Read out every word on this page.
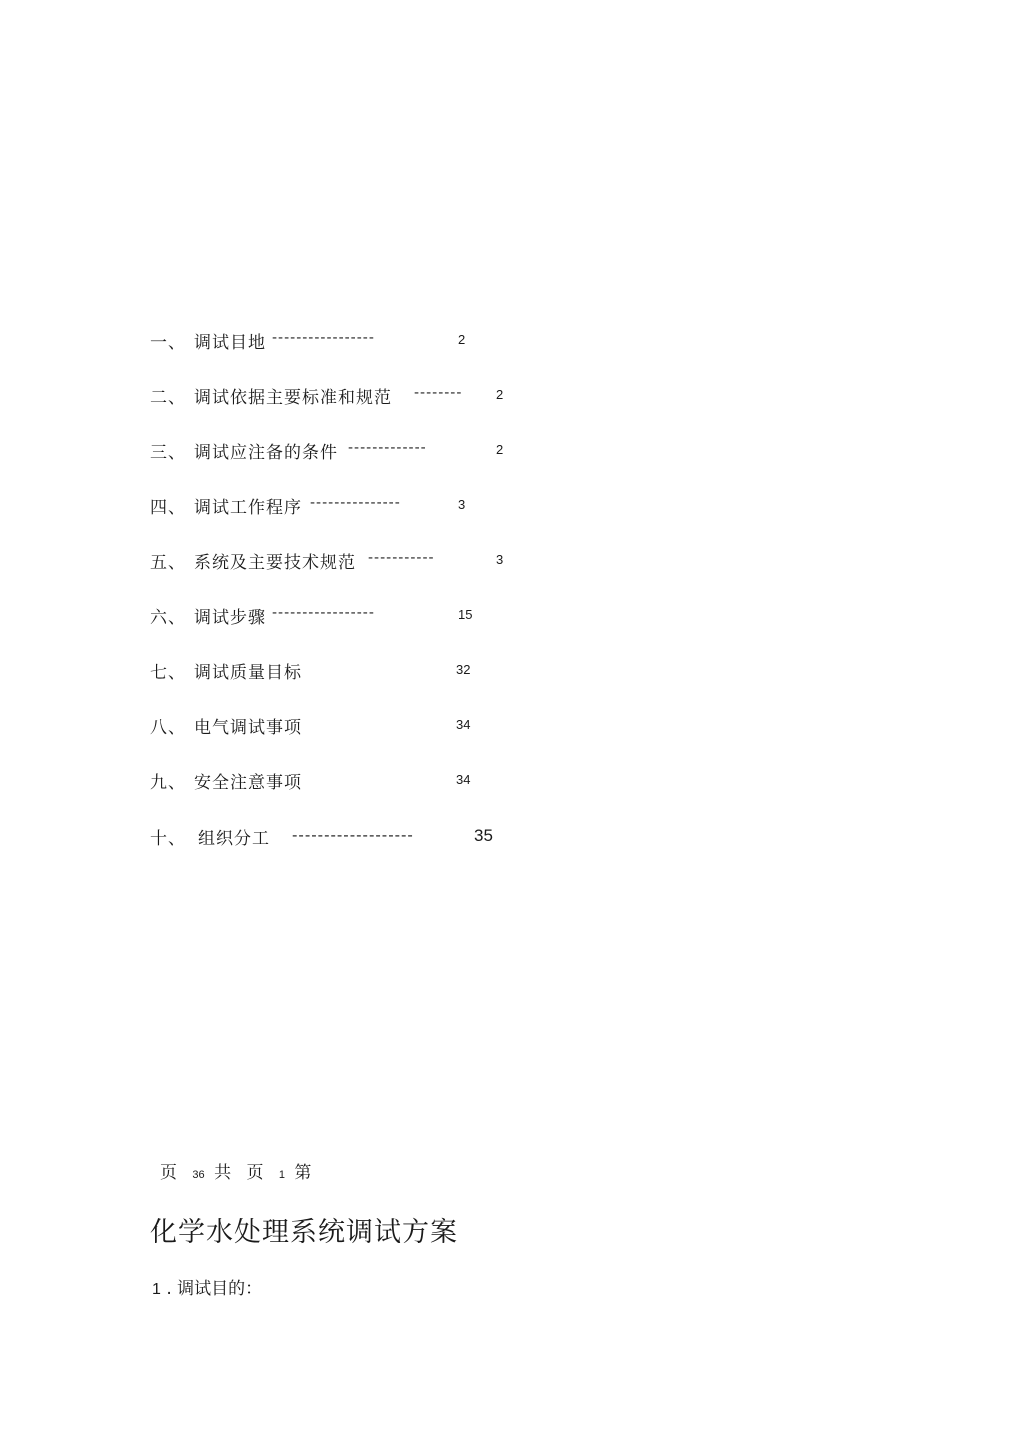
一、 调试目地 -----------------	2
二、 调试依据主要标准和规范 --------	2
三、 调试应注备的条件 -------------	2
四、 调试工作程序 ---------------	3
五、 系统及主要技术规范 -----------	3
六、 调试步骤 -----------------	15
七、 调试质量目标	32
八、 电气调试事项	34
九、 安全注意事项	34
十、 组织分工 -------------------	35
页 36 共 页 1 第
化学水处理系统调试方案
1 . 调试目的：
